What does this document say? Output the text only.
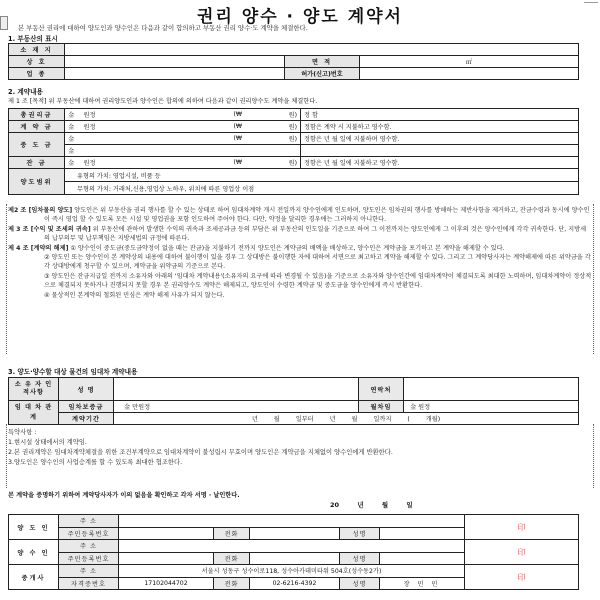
권리 양수 · 양도 계약서
본 부동산 권리에 대하여 양도인과 양수인은 다음과 같이 합의하고 부동산 권리 양수·도 계약을 체결한다.
1. 부동산의 표시
소 재 지			
상 호		면 적	㎡
업 종		허가(신고)번호	
2. 계약내용
제 1 조 [목적] 위 부동산에 대하여 권리양도인과 양수인은 합의에 의하여 다음과 같이 권리양수도 계약을 체결한다.
총권리금	金	원정		(₩	원)	정 함
계 약 금	金	원정		(₩	원)	정함은 계약 시 지불하고 영수함.
중 도 금	金			(₩	원)	정함은 년 월 일에 지불하며 영수함.
	金					
잔 금	金	원정		(₩	원)	정함은 년 월 일에 지불하고 영수함.
양도범위	유형의 가치: 영업시설, 비품 등					
	무형의 가치: 거래처,신용,영업상 노하우, 위치에 따른 영업상 이점					
제2 조 [임차물의 양도] 양도인은 위 부동산을 권리 행사를 할 수 있는 상태로 하여 임대차계약 개시 전일까지 양수인에게 인도하며, 양도인은 임차권의 행사를 방해하는 제반사항을 제거하고, 잔금수령과 동시에 양수인이 즉시 영업 할 수 있도록 모든 시설 및 영업권을 포함 인도하여 주어야 한다. 다만, 약정을 달리한 경우에는 그러하지 아니한다.
제 3 조 [수익 및 조세의 귀속] 위 부동산에 관하여 발생한 수익의 귀속과 조세공과금 등의 부담은 위 부동산의 인도일을 기준으로 하여 그 이전까지는 양도인에게 그 이후의 것은 양수인에게 각각 귀속한다. 단, 지방세의 납부의무 및 납부책임은 지방세법의 규정에 따른다.
제 4 조 [계약의 해제] ① 양수인이 중도금(중도금약정이 없을 때는 잔금)을 지불하기 전까지 양도인은 계약금의 배액을 배상하고, 양수인은 계약금을 포기하고 본 계약을 해제할 수 있다.
② 양도인 또는 양수인이 본 계약상의 내용에 대하여 불이행이 있을 경우 그 상대방은 불이행한 자에 대하여 서면으로 최고하고 계약을 해제할 수 있다. 그리고 그 계약당사자는 계약해제에 따른 위약금을 각각 상대방에게 청구할 수 있으며, 계약금을 위약금의 기준으로 본다.
③ 양도인은 잔금지급일 전까지 소유자와 아래의 '임대차 계약내용'(소유자의 요구에 따라 변경될 수 있음)을 기준으로 소유자와 양수인간에 임대차계약이 체결되도록 최대한 노력하며, 임대차계약이 정상적으로 체결되지 못하거나 진행되지 못할 경우 본 권리양수도 계약은 해제되고, 양도인이 수령한 계약금 및 중도금을 양수인에게 즉시 반환한다.
④ 물상적인 본계약의 철회된 민심은 계약 해제 사유가 되지 않는다.
3. 양도·양수할 대상 물건의 임대차 계약내용
소 유 자 인적사항	성 명		연락처	
임 대 차 관 계	임차보증금	金 만원정	월차임	金 원정
	계약기간	년 월 일부터 년 월 일까지 ( 개월)		
특약사항 :
1.현시설 상태에서의 계약임.
2.본 권리계약은 임대차계약체결을 위한 조건부계약으로 임대차계약이 불성립시 무효이며 양도인은 계약금을 지체없이 양수인에게 반환한다.
3.양도인은 양수인의 사업승계를 할 수 있도록 최대한 협조한다.
본 계약을 증명하기 위하여 계약당사자가 이의 없음을 확인하고 각자 서명 · 날인한다.
20	년	월	일
양 도 인	주 소						印
	주민등록번호		전화		성명		
양 수 인	주 소						印
	주민등록번호		전화		성명		
중개사	주 소	서울시 성동구 성수이로118, 성수아카데미타워 504호(성수동2가)					印
	자격증번호	17102044702	전화	02-6216-4392	성명	장 민 민	
